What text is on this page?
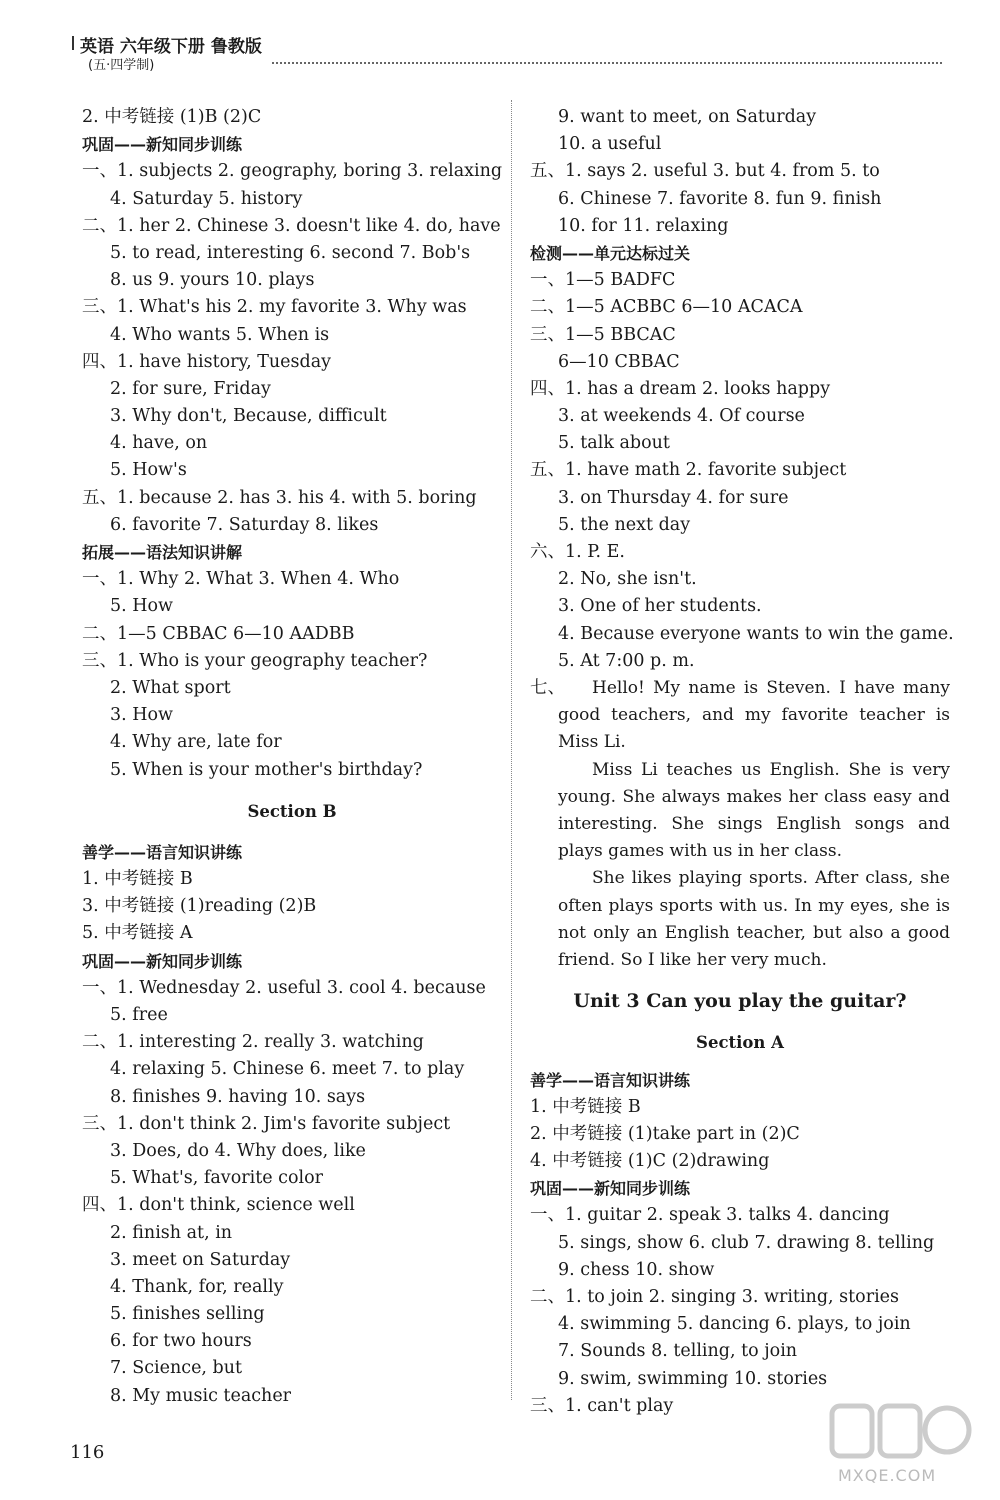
英语 六年级下册 鲁教版
(五·四学制)
2. 中考链接 (1)B (2)C
巩固——新知同步训练
一、1. subjects 2. geography, boring 3. relaxing
4. Saturday 5. history
二、1. her 2. Chinese 3. doesn't like 4. do, have
5. to read, interesting 6. second 7. Bob's
8. us 9. yours 10. plays
三、1. What's his 2. my favorite 3. Why was
4. Who wants 5. When is
四、1. have history, Tuesday
2. for sure, Friday
3. Why don't, Because, difficult
4. have, on
5. How's
五、1. because 2. has 3. his 4. with 5. boring
6. favorite 7. Saturday 8. likes
拓展——语法知识讲解
一、1. Why 2. What 3. When 4. Who
5. How
二、1—5 CBBAC 6—10 AADBB
三、1. Who is your geography teacher?
2. What sport
3. How
4. Why are, late for
5. When is your mother's birthday?
Section B
善学——语言知识讲练
1. 中考链接 B
3. 中考链接 (1)reading (2)B
5. 中考链接 A
巩固——新知同步训练
一、1. Wednesday 2. useful 3. cool 4. because
5. free
二、1. interesting 2. really 3. watching
4. relaxing 5. Chinese 6. meet 7. to play
8. finishes 9. having 10. says
三、1. don't think 2. Jim's favorite subject
3. Does, do 4. Why does, like
5. What's, favorite color
四、1. don't think, science well
2. finish at, in
3. meet on Saturday
4. Thank, for, really
5. finishes selling
6. for two hours
7. Science, but
8. My music teacher
9. want to meet, on Saturday
10. a useful
五、1. says 2. useful 3. but 4. from 5. to
6. Chinese 7. favorite 8. fun 9. finish
10. for 11. relaxing
检测——单元达标过关
一、1—5 BADFC
二、1—5 ACBBC 6—10 ACACA
三、1—5 BBCAC
6—10 CBBAC
四、1. has a dream 2. looks happy
3. at weekends 4. Of course
5. talk about
五、1. have math 2. favorite subject
3. on Thursday 4. for sure
5. the next day
六、1. P. E.
2. No, she isn't.
3. One of her students.
4. Because everyone wants to win the game.
5. At 7:00 p. m.
七、	Hello! My name is Steven. I have many good teachers, and my favorite teacher is Miss Li.
Miss Li teaches us English. She is very young. She always makes her class easy and interesting. She sings English songs and plays games with us in her class.
She likes playing sports. After class, she often plays sports with us. In my eyes, she is not only an English teacher, but also a good friend. So I like her very much.
Unit 3 Can you play the guitar?
Section A
善学——语言知识讲练
1. 中考链接 B
2. 中考链接 (1)take part in (2)C
4. 中考链接 (1)C (2)drawing
巩固——新知同步训练
一、1. guitar 2. speak 3. talks 4. dancing
5. sings, show 6. club 7. drawing 8. telling
9. chess 10. show
二、1. to join 2. singing 3. writing, stories
4. swimming 5. dancing 6. plays, to join
7. Sounds 8. telling, to join
9. swim, swimming 10. stories
三、1. can't play
116
MXQE.COM
